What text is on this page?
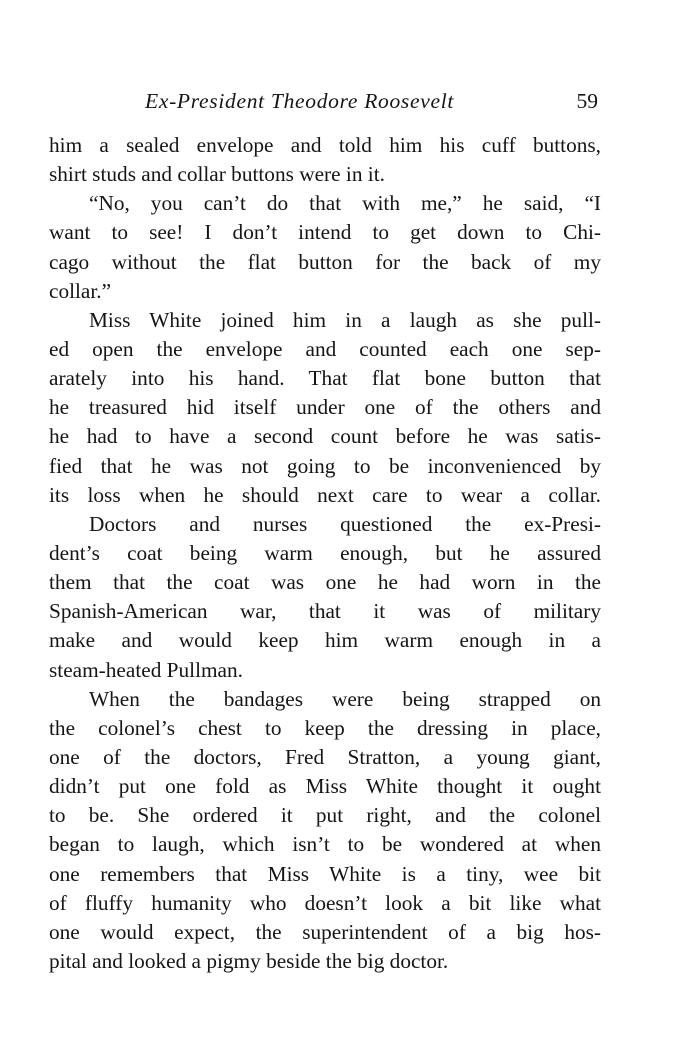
Ex-President Theodore Roosevelt	59
him a sealed envelope and told him his cuff buttons,
shirt studs and collar buttons were in it.
“No, you can’t do that with me,” he said, “I
want to see! I don’t intend to get down to Chi-
cago without the flat button for the back of my
collar.”
Miss White joined him in a laugh as she pull-
ed open the envelope and counted each one sep-
arately into his hand. That flat bone button that
he treasured hid itself under one of the others and
he had to have a second count before he was satis-
fied that he was not going to be inconvenienced by
its loss when he should next care to wear a collar.
Doctors and nurses questioned the ex-Presi-
dent’s coat being warm enough, but he assured
them that the coat was one he had worn in the
Spanish-American war, that it was of military
make and would keep him warm enough in a
steam-heated Pullman.
When the bandages were being strapped on
the colonel’s chest to keep the dressing in place,
one of the doctors, Fred Stratton, a young giant,
didn’t put one fold as Miss White thought it ought
to be. She ordered it put right, and the colonel
began to laugh, which isn’t to be wondered at when
one remembers that Miss White is a tiny, wee bit
of fluffy humanity who doesn’t look a bit like what
one would expect, the superintendent of a big hos-
pital and looked a pigmy beside the big doctor.
